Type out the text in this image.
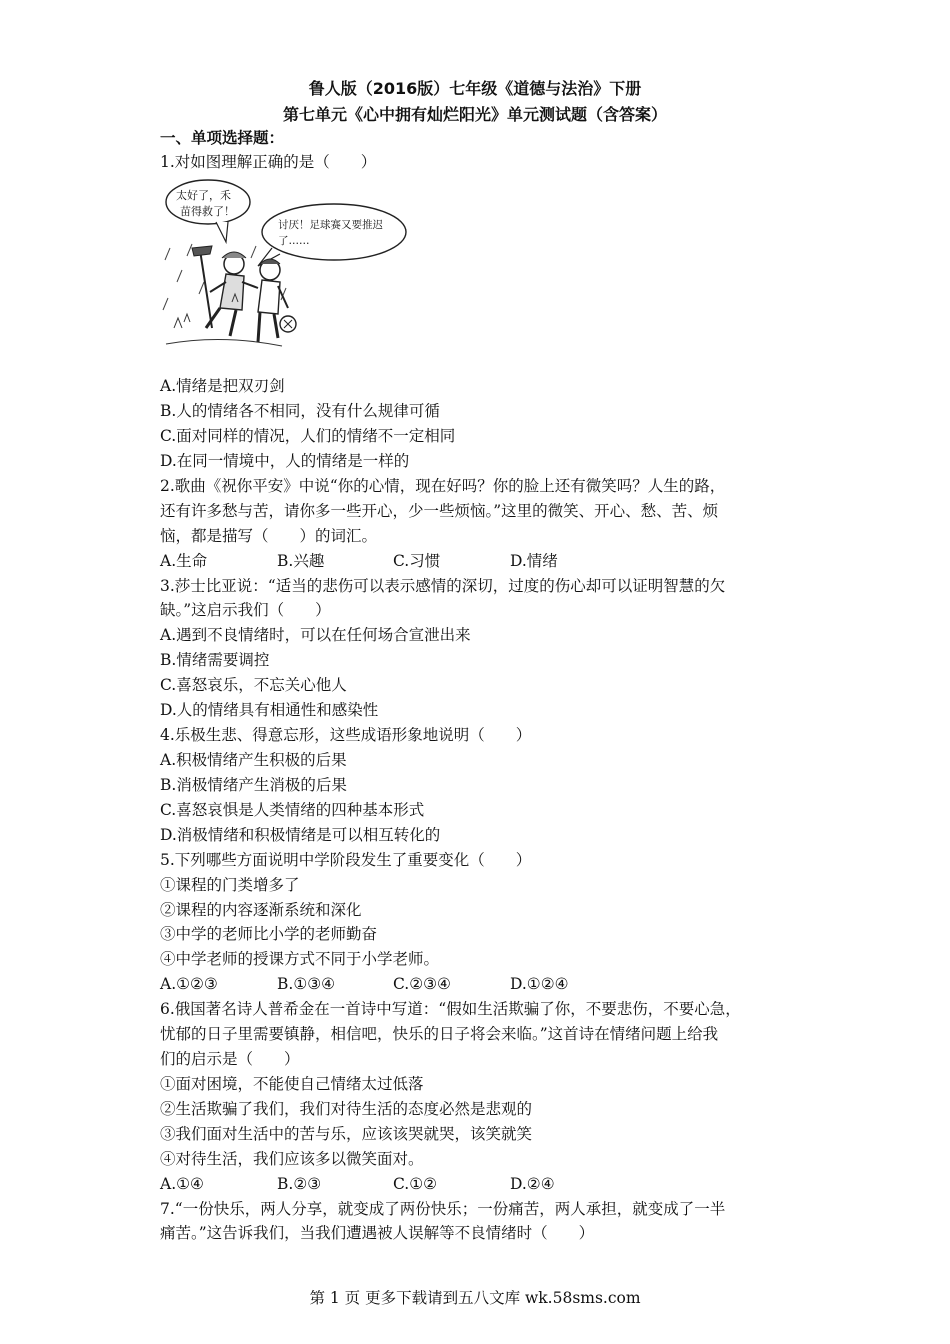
鲁人版（2016版）七年级《道德与法治》下册
第七单元《心中拥有灿烂阳光》单元测试题（含答案）
一、单项选择题：
1.对如图理解正确的是（　　）
太好了，禾
苗得救了！
讨厌！足球赛又要推迟
了……
A.情绪是把双刃剑
B.人的情绪各不相同，没有什么规律可循
C.面对同样的情况，人们的情绪不一定相同
D.在同一情境中，人的情绪是一样的
2.歌曲《祝你平安》中说“你的心情，现在好吗？你的脸上还有微笑吗？人生的路，
还有许多愁与苦，请你多一些开心，少一些烦恼。”这里的微笑、开心、愁、苦、烦
恼，都是描写（　　）的词汇。
A.生命	B.兴趣	C.习惯	D.情绪
3.莎士比亚说：“适当的悲伤可以表示感情的深切，过度的伤心却可以证明智慧的欠
缺。”这启示我们（　　）
A.遇到不良情绪时，可以在任何场合宣泄出来
B.情绪需要调控
C.喜怒哀乐，不忘关心他人
D.人的情绪具有相通性和感染性
4.乐极生悲、得意忘形，这些成语形象地说明（　　）
A.积极情绪产生积极的后果
B.消极情绪产生消极的后果
C.喜怒哀惧是人类情绪的四种基本形式
D.消极情绪和积极情绪是可以相互转化的
5.下列哪些方面说明中学阶段发生了重要变化（　　）
①课程的门类增多了
②课程的内容逐渐系统和深化
③中学的老师比小学的老师勤奋
④中学老师的授课方式不同于小学老师。
A.①②③	B.①③④	C.②③④	D.①②④
6.俄国著名诗人普希金在一首诗中写道：“假如生活欺骗了你，不要悲伤，不要心急，
忧郁的日子里需要镇静，相信吧，快乐的日子将会来临。”这首诗在情绪问题上给我
们的启示是（　　）
①面对困境，不能使自己情绪太过低落
②生活欺骗了我们，我们对待生活的态度必然是悲观的
③我们面对生活中的苦与乐，应该该哭就哭，该笑就笑
④对待生活，我们应该多以微笑面对。
A.①④	B.②③	C.①②	D.②④
7.“一份快乐，两人分享，就变成了两份快乐；一份痛苦，两人承担，就变成了一半
痛苦。”这告诉我们，当我们遭遇被人误解等不良情绪时（　　）
第 1 页 更多下载请到五八文库 wk.58sms.com
